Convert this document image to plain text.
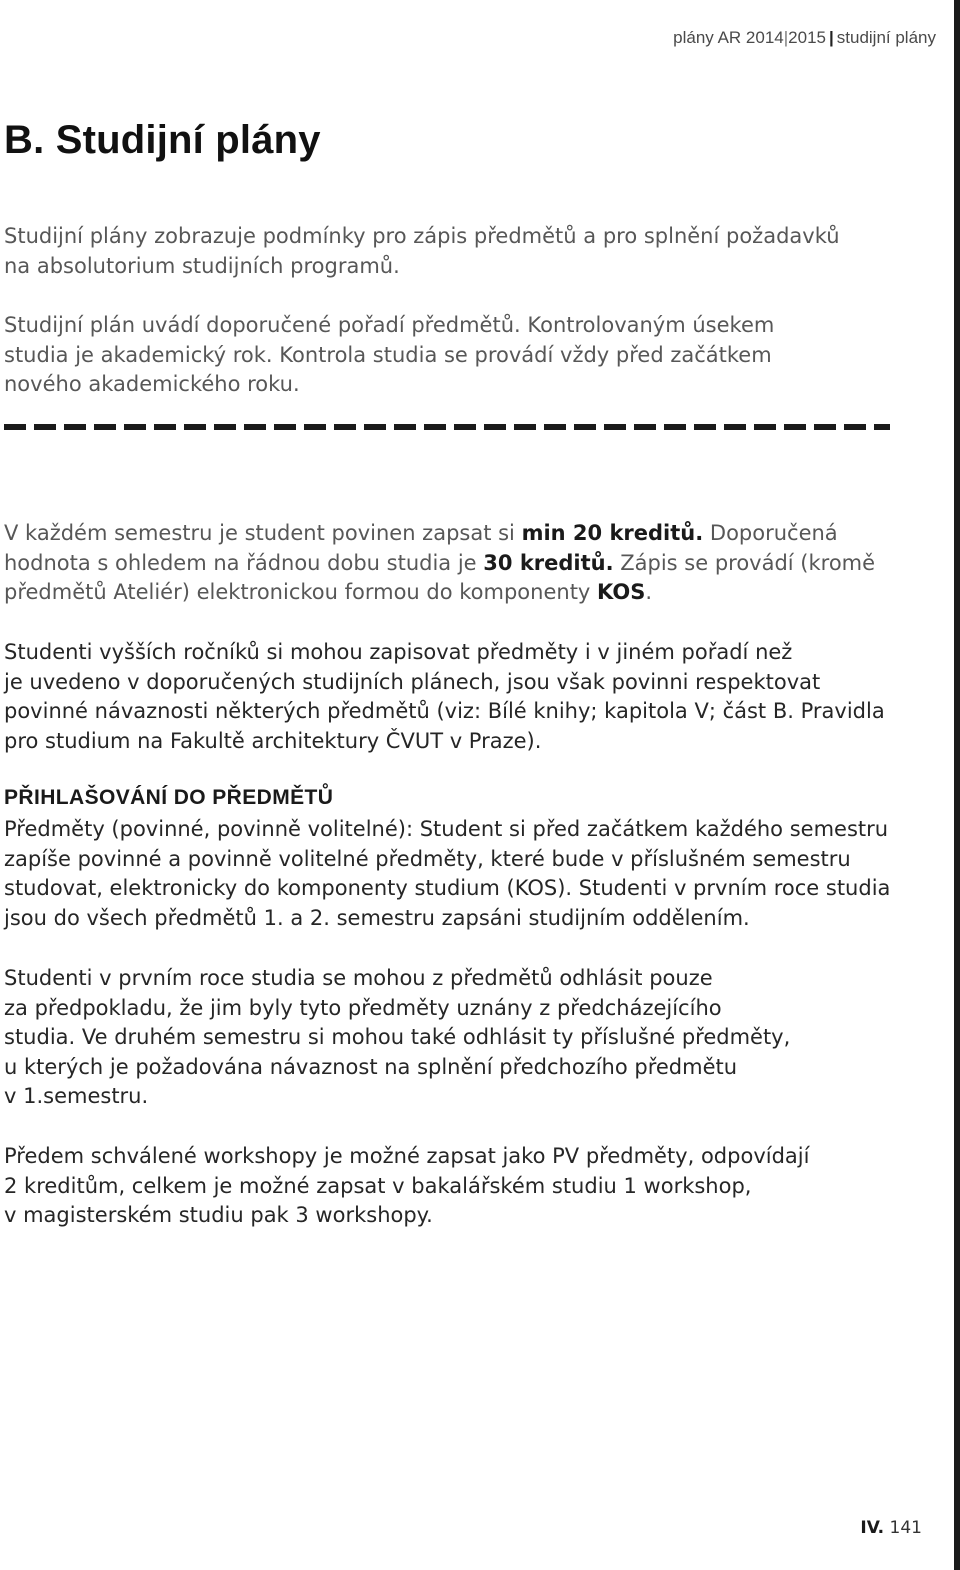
plány AR 2014|2015 | studijní plány
B. Studijní plány

Studijní plány zobrazuje podmínky pro zápis předmětů a pro splnění požadavků
na absolutorium studijních programů.

Studijní plán uvádí doporučené pořadí předmětů. Kontrolovaným úsekem
studia je akademický rok. Kontrola studia se provádí vždy před začátkem
nového akademického roku.

V každém semestru je student povinen zapsat si min 20 kreditů. Doporučená
hodnota s ohledem na řádnou dobu studia je 30 kreditů. Zápis se provádí (kromě
předmětů Ateliér) elektronickou formou do komponenty KOS.

Studenti vyšších ročníků si mohou zapisovat předměty i v jiném pořadí než
je uvedeno v doporučených studijních plánech, jsou však povinni respektovat
povinné návaznosti některých předmětů (viz: Bílé knihy; kapitola V; část B. Pravidla
pro studium na Fakultě architektury ČVUT v Praze).

PŘIHLAŠOVÁNÍ DO PŘEDMĚTŮ

Předměty (povinné, povinně volitelné): Student si před začátkem každého semestru
zapíše povinné a povinně volitelné předměty, které bude v příslušném semestru
studovat, elektronicky do komponenty studium (KOS). Studenti v prvním roce studia
jsou do všech předmětů 1. a 2. semestru zapsáni studijním oddělením.

Studenti v prvním roce studia se mohou z předmětů odhlásit pouze
za předpokladu, že jim byly tyto předměty uznány z předcházejícího
studia. Ve druhém semestru si mohou také odhlásit ty příslušné předměty,
u kterých je požadována návaznost na splnění předchozího předmětu
v 1.semestru.

Předem schválené workshopy je možné zapsat jako PV předměty, odpovídají
2 kreditům, celkem je možné zapsat v bakalářském studiu 1 workshop,
v magisterském studiu pak 3 workshopy.

IV. 141
